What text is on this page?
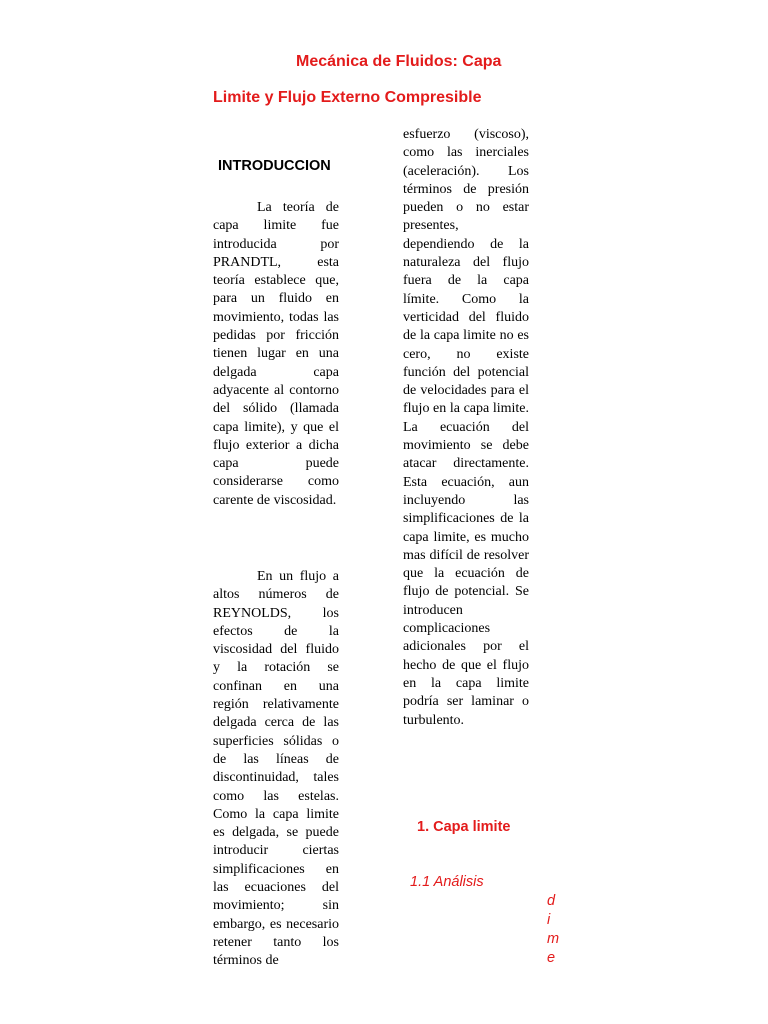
Mecánica de Fluidos: Capa
Limite y Flujo Externo Compresible
INTRODUCCION

La teoría de capa limite fue introducida por PRANDTL, esta teoría establece que, para un fluido en movimiento, todas las pedidas por fricción tienen lugar en una delgada capa adyacente al contorno del sólido (llamada capa limite), y que el flujo exterior a dicha capa puede considerarse como carente de viscosidad.

En un flujo a altos números de REYNOLDS, los efectos de la viscosidad del fluido y la rotación se confinan en una región relativamente delgada cerca de las superficies sólidas o de las líneas de discontinuidad, tales como las estelas. Como la capa limite es delgada, se puede introducir ciertas simplificaciones en las ecuaciones del movimiento; sin embargo, es necesario retener tanto los términos de

esfuerzo (viscoso), como las inerciales (aceleración). Los términos de presión pueden o no estar presentes, dependiendo de la naturaleza del flujo fuera de la capa límite. Como la verticidad del fluido de la capa limite no es cero, no existe función del potencial de velocidades para el flujo en la capa limite. La ecuación del movimiento se debe atacar directamente. Esta ecuación, aun incluyendo las simplificaciones de la capa limite, es mucho mas difícil de resolver que la ecuación de flujo de potencial. Se introducen complicaciones adicionales por el hecho de que el flujo en la capa limite podría ser laminar o turbulento.

1. Capa limite
1.1 Análisis
d
i
m
e
